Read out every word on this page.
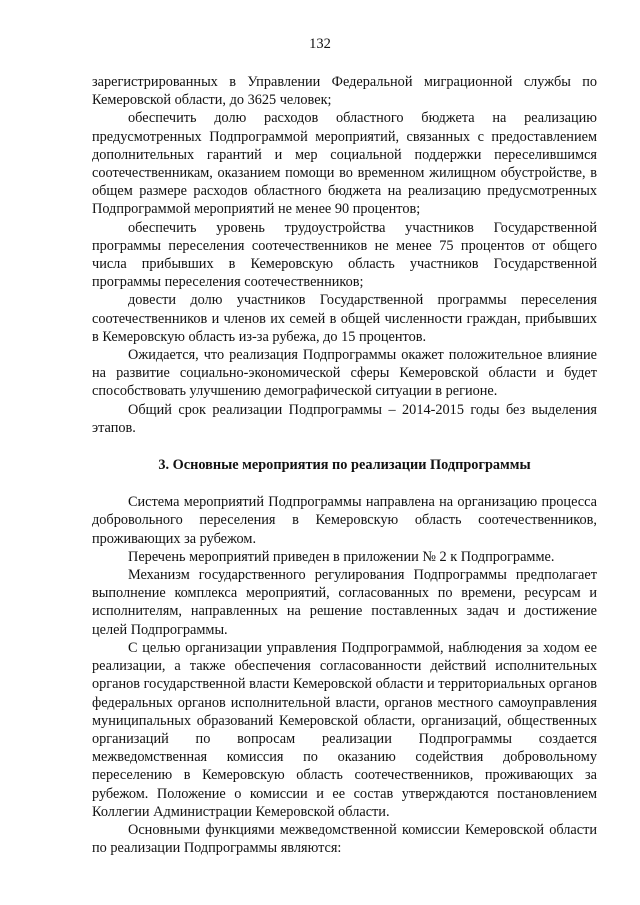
132

зарегистрированных в Управлении Федеральной миграционной службы по Кемеровской области, до 3625 человек;

обеспечить долю расходов областного бюджета на реализацию предусмотренных Подпрограммой мероприятий, связанных с предоставлением дополнительных гарантий и мер социальной поддержки переселившимся соотечественникам, оказанием помощи во временном жилищном обустройстве, в общем размере расходов областного бюджета на реализацию предусмотренных Подпрограммой мероприятий не менее 90 процентов;

обеспечить уровень трудоустройства участников Государственной программы переселения соотечественников не менее 75 процентов от общего числа прибывших в Кемеровскую область участников Государственной программы переселения соотечественников;

довести долю участников Государственной программы переселения соотечественников и членов их семей в общей численности граждан, прибывших в Кемеровскую область из-за рубежа, до 15 процентов.

Ожидается, что реализация Подпрограммы окажет положительное влияние на развитие социально-экономической сферы Кемеровской области и будет способствовать улучшению демографической ситуации в регионе.

Общий срок реализации Подпрограммы – 2014-2015 годы без выделения этапов.

3. Основные мероприятия по реализации Подпрограммы

Система мероприятий Подпрограммы направлена на организацию процесса добровольного переселения в Кемеровскую область соотечественников, проживающих за рубежом.

Перечень мероприятий приведен в приложении № 2 к Подпрограмме.

Механизм государственного регулирования Подпрограммы предполагает выполнение комплекса мероприятий, согласованных по времени, ресурсам и исполнителям, направленных на решение поставленных задач и достижение целей Подпрограммы.

С целью организации управления Подпрограммой, наблюдения за ходом ее реализации, а также обеспечения согласованности действий исполнительных органов государственной власти Кемеровской области и территориальных органов федеральных органов исполнительной власти, органов местного самоуправления муниципальных образований Кемеровской области, организаций, общественных организаций по вопросам реализации Подпрограммы создается межведомственная комиссия по оказанию содействия добровольному переселению в Кемеровскую область соотечественников, проживающих за рубежом. Положение о комиссии и ее состав утверждаются постановлением Коллегии Администрации Кемеровской области.

Основными функциями межведомственной комиссии Кемеровской области по реализации Подпрограммы являются:
